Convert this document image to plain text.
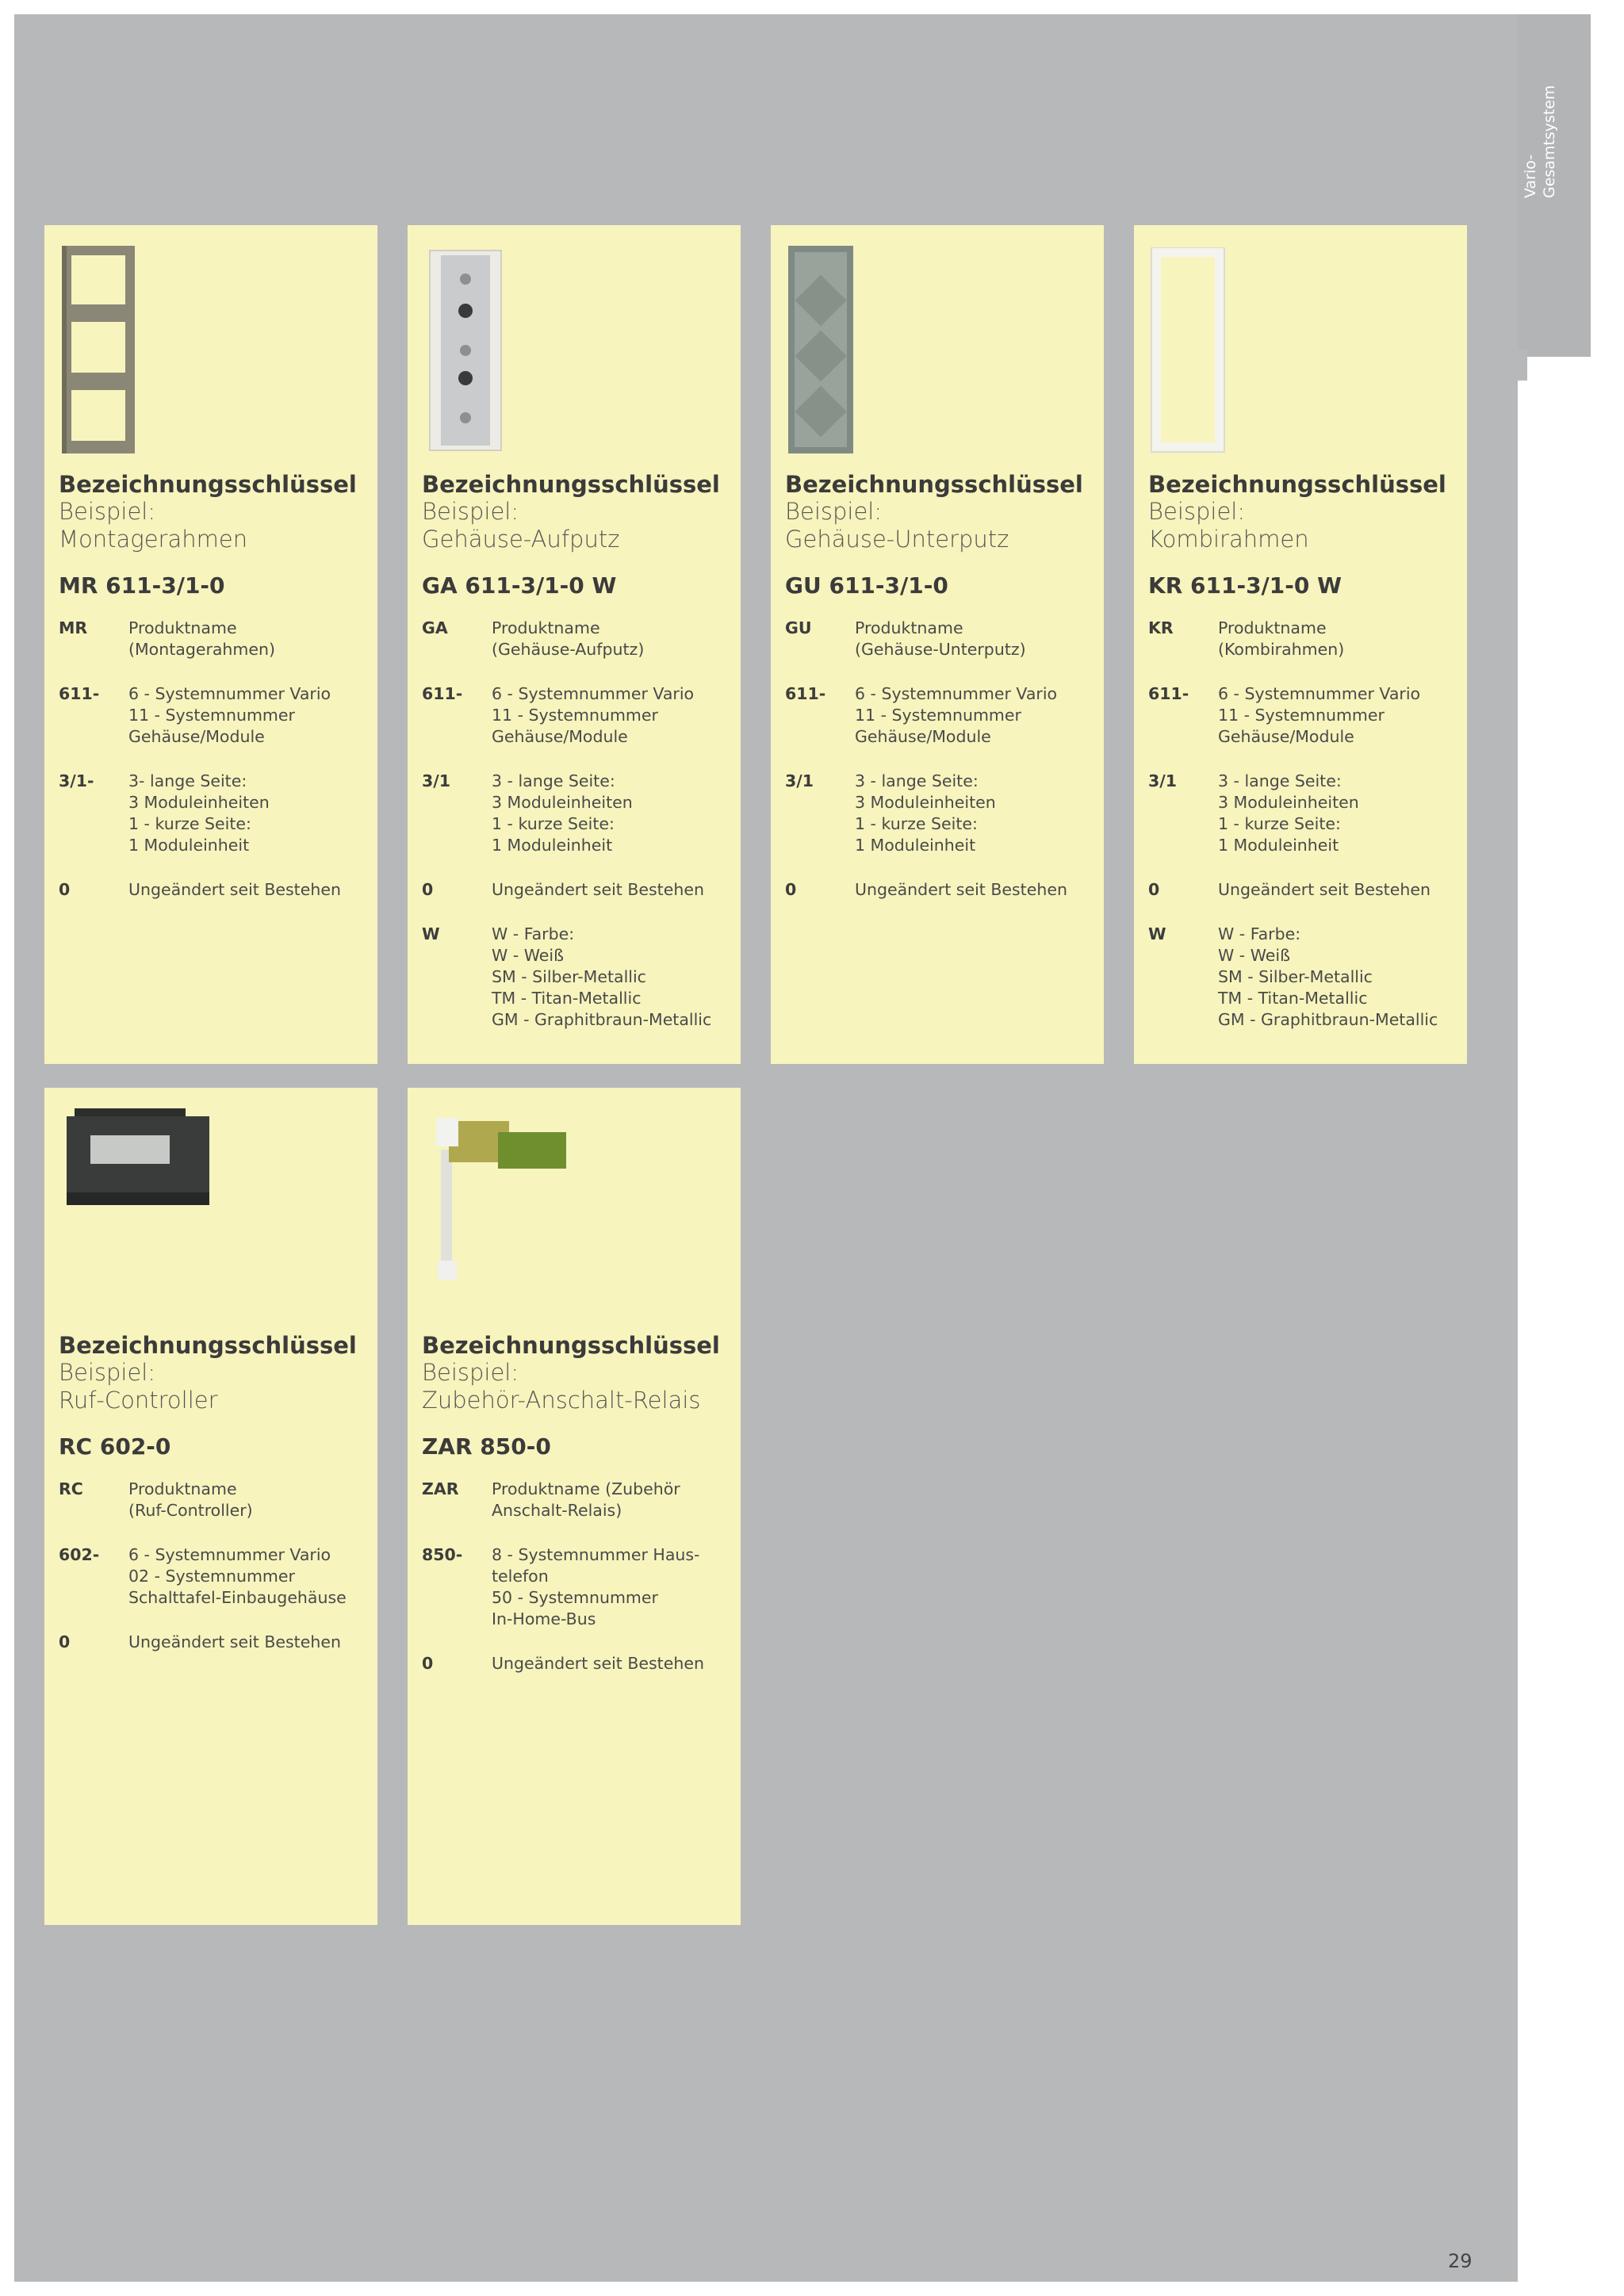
Vario- Gesamtsystem
Bezeichnungsschlüssel
Beispiel:
Montagerahmen
MR 611-3/1-0
MR	Produktname
(Montagerahmen)
611-	6 - Systemnummer Vario
11 - Systemnummer
Gehäuse/Module
3/1-	3- lange Seite:
3 Moduleinheiten
1 - kurze Seite:
1 Moduleinheit
0	Ungeändert seit Bestehen
Bezeichnungsschlüssel
Beispiel:
Gehäuse-Aufputz
GA 611-3/1-0 W
GA	Produktname
(Gehäuse-Aufputz)
611-	6 - Systemnummer Vario
11 - Systemnummer
Gehäuse/Module
3/1	3 - lange Seite:
3 Moduleinheiten
1 - kurze Seite:
1 Moduleinheit
0	Ungeändert seit Bestehen
W	W - Farbe:
W - Weiß
SM - Silber-Metallic
TM - Titan-Metallic
GM - Graphitbraun-Metallic
Bezeichnungsschlüssel
Beispiel:
Gehäuse-Unterputz
GU 611-3/1-0
GU	Produktname
(Gehäuse-Unterputz)
611-	6 - Systemnummer Vario
11 - Systemnummer
Gehäuse/Module
3/1	3 - lange Seite:
3 Moduleinheiten
1 - kurze Seite:
1 Moduleinheit
0	Ungeändert seit Bestehen
Bezeichnungsschlüssel
Beispiel:
Kombirahmen
KR 611-3/1-0 W
KR	Produktname
(Kombirahmen)
611-	6 - Systemnummer Vario
11 - Systemnummer
Gehäuse/Module
3/1	3 - lange Seite:
3 Moduleinheiten
1 - kurze Seite:
1 Moduleinheit
0	Ungeändert seit Bestehen
W	W - Farbe:
W - Weiß
SM - Silber-Metallic
TM - Titan-Metallic
GM - Graphitbraun-Metallic
Bezeichnungsschlüssel
Beispiel:
Ruf-Controller
RC 602-0
RC	Produktname
(Ruf-Controller)
602-	6 - Systemnummer Vario
02 - Systemnummer
Schalttafel-Einbaugehäuse
0	Ungeändert seit Bestehen
Bezeichnungsschlüssel
Beispiel:
Zubehör-Anschalt-Relais
ZAR 850-0
ZAR	Produktname (Zubehör
Anschalt-Relais)
850-	8 - Systemnummer Haus-
telefon
50 - Systemnummer
In-Home-Bus
0	Ungeändert seit Bestehen
29
